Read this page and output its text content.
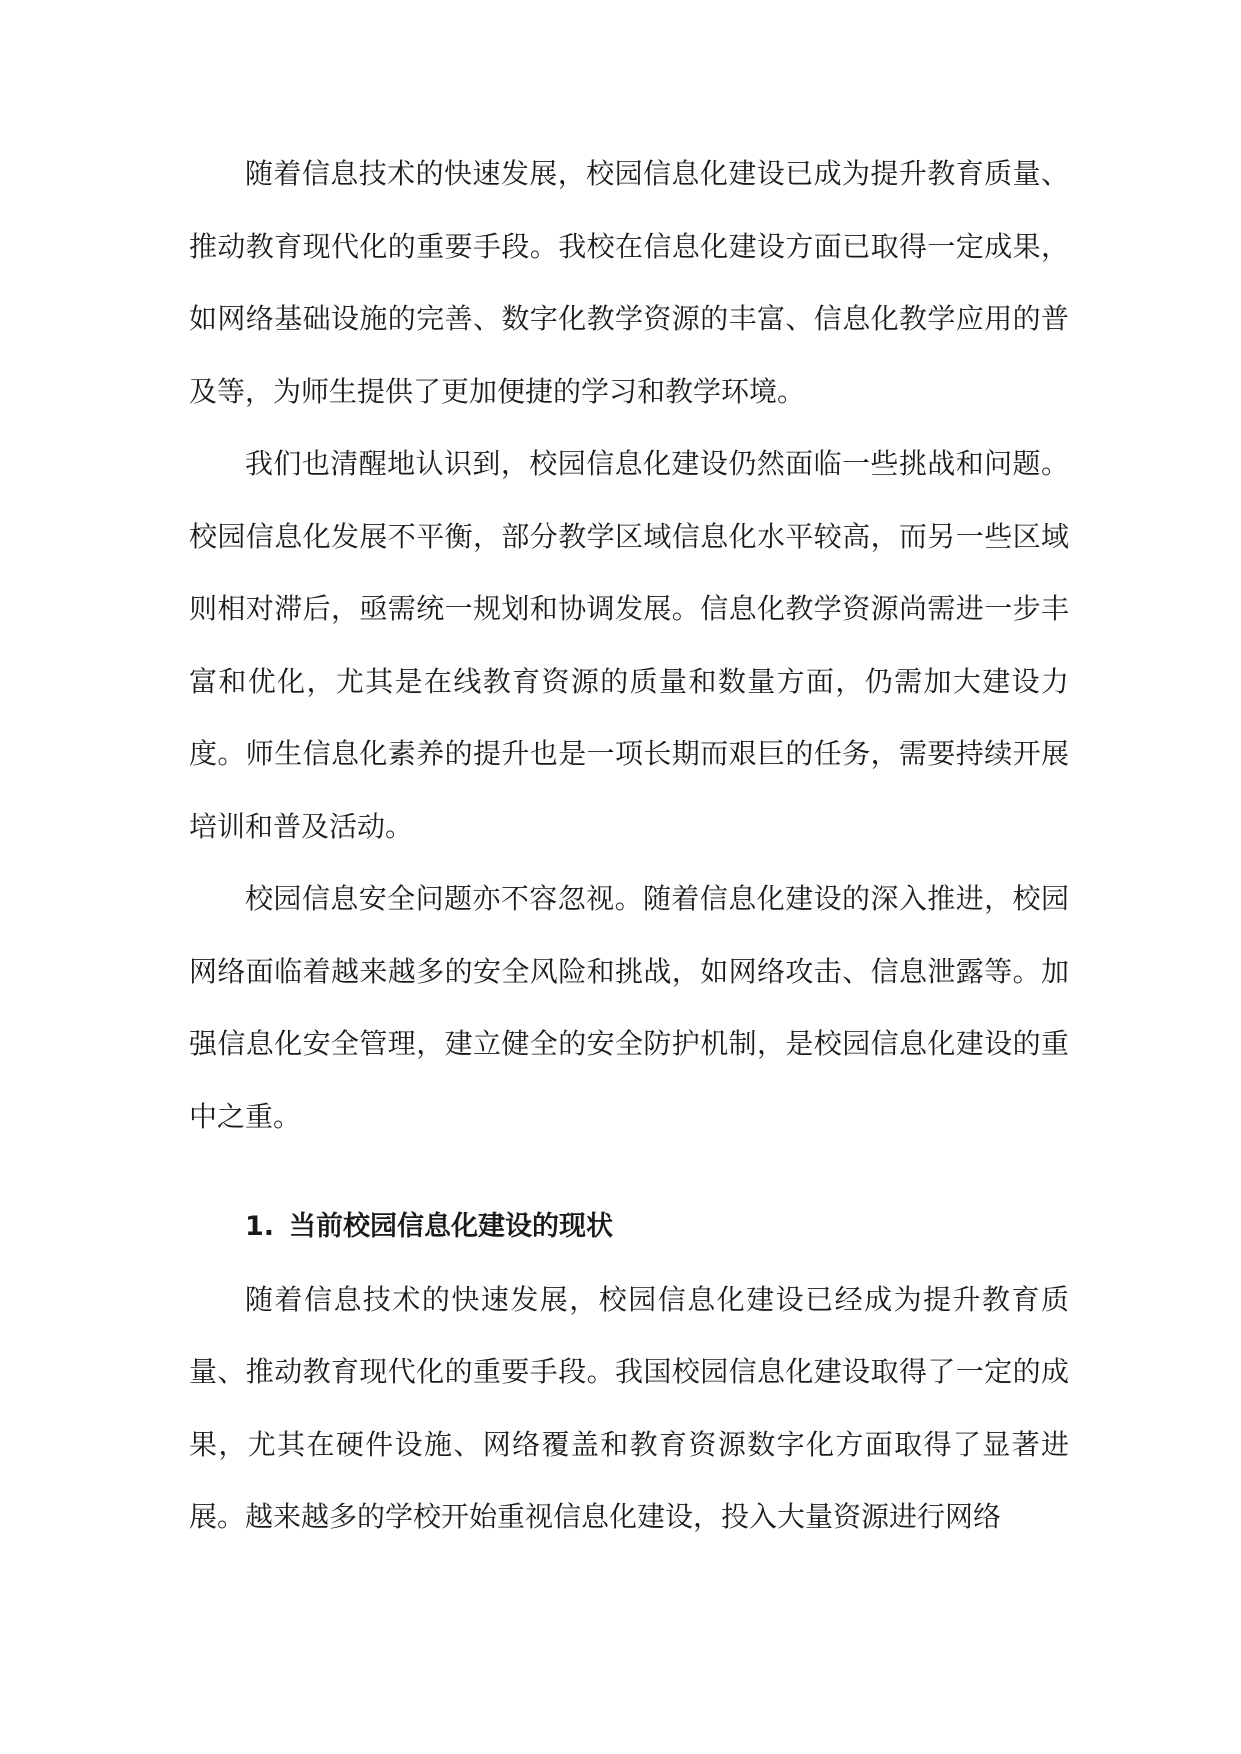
随着信息技术的快速发展，校园信息化建设已成为提升教育质量、推动教育现代化的重要手段。我校在信息化建设方面已取得一定成果，如网络基础设施的完善、数字化教学资源的丰富、信息化教学应用的普及等，为师生提供了更加便捷的学习和教学环境。

我们也清醒地认识到，校园信息化建设仍然面临一些挑战和问题。校园信息化发展不平衡，部分教学区域信息化水平较高，而另一些区域则相对滞后，亟需统一规划和协调发展。信息化教学资源尚需进一步丰富和优化，尤其是在线教育资源的质量和数量方面，仍需加大建设力度。师生信息化素养的提升也是一项长期而艰巨的任务，需要持续开展培训和普及活动。

校园信息安全问题亦不容忽视。随着信息化建设的深入推进，校园网络面临着越来越多的安全风险和挑战，如网络攻击、信息泄露等。加强信息化安全管理，建立健全的安全防护机制，是校园信息化建设的重中之重。

1. 当前校园信息化建设的现状

随着信息技术的快速发展，校园信息化建设已经成为提升教育质量、推动教育现代化的重要手段。我国校园信息化建设取得了一定的成果，尤其在硬件设施、网络覆盖和教育资源数字化方面取得了显著进展。越来越多的学校开始重视信息化建设，投入大量资源进行网络
